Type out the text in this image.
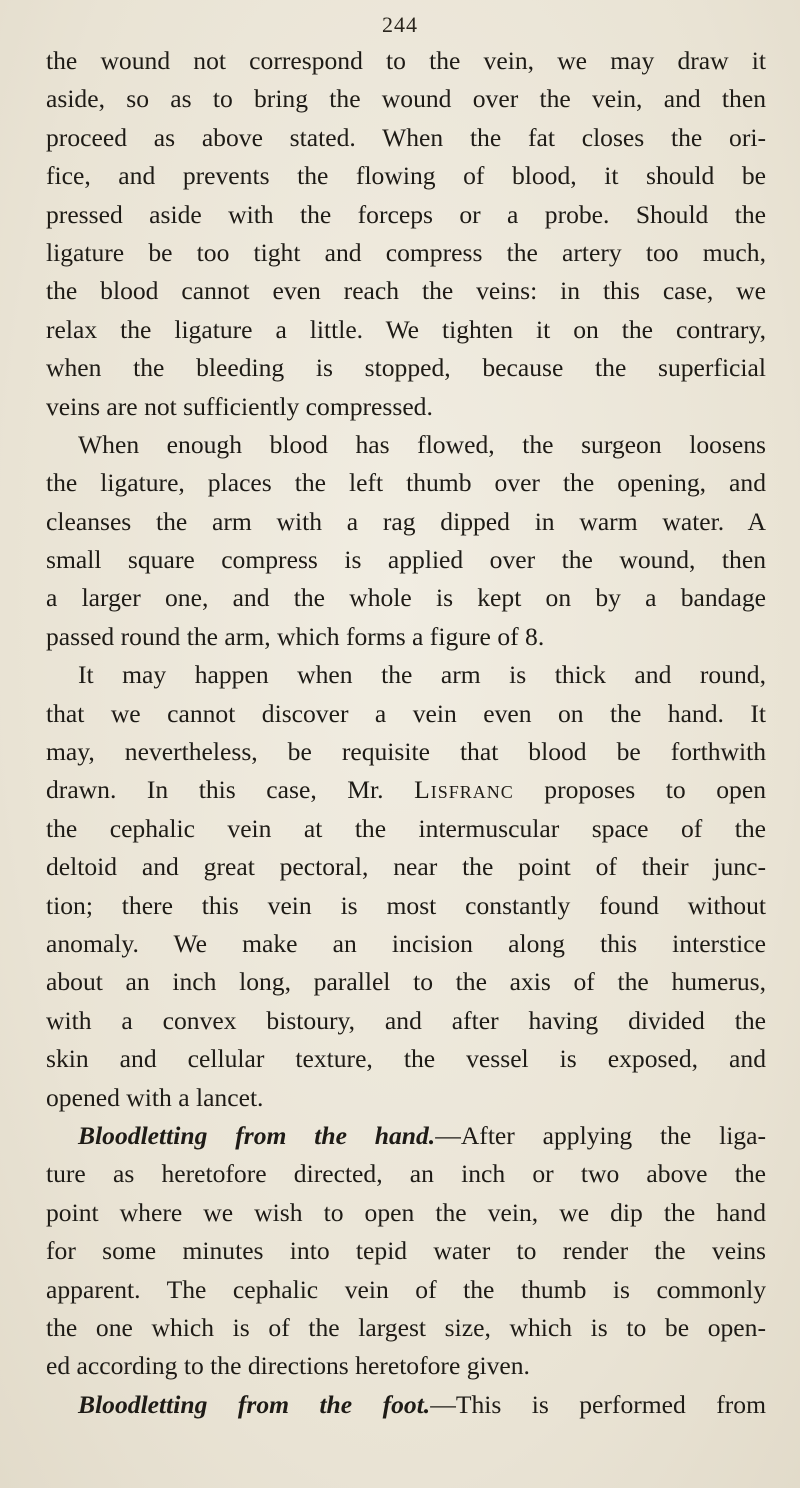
244
the wound not correspond to the vein, we may draw it
aside, so as to bring the wound over the vein, and then
proceed as above stated. When the fat closes the ori-
fice, and prevents the flowing of blood, it should be
pressed aside with the forceps or a probe. Should the
ligature be too tight and compress the artery too much,
the blood cannot even reach the veins: in this case, we
relax the ligature a little. We tighten it on the contrary,
when the bleeding is stopped, because the superficial
veins are not sufficiently compressed.
When enough blood has flowed, the surgeon loosens
the ligature, places the left thumb over the opening, and
cleanses the arm with a rag dipped in warm water. A
small square compress is applied over the wound, then
a larger one, and the whole is kept on by a bandage
passed round the arm, which forms a figure of 8.
It may happen when the arm is thick and round,
that we cannot discover a vein even on the hand. It
may, nevertheless, be requisite that blood be forthwith
drawn. In this case, Mr. Lisfranc proposes to open
the cephalic vein at the intermuscular space of the
deltoid and great pectoral, near the point of their junc-
tion; there this vein is most constantly found without
anomaly. We make an incision along this interstice
about an inch long, parallel to the axis of the humerus,
with a convex bistoury, and after having divided the
skin and cellular texture, the vessel is exposed, and
opened with a lancet.
Bloodletting from the hand.—After applying the liga-
ture as heretofore directed, an inch or two above the
point where we wish to open the vein, we dip the hand
for some minutes into tepid water to render the veins
apparent. The cephalic vein of the thumb is commonly
the one which is of the largest size, which is to be open-
ed according to the directions heretofore given.
Bloodletting from the foot.—This is performed from
